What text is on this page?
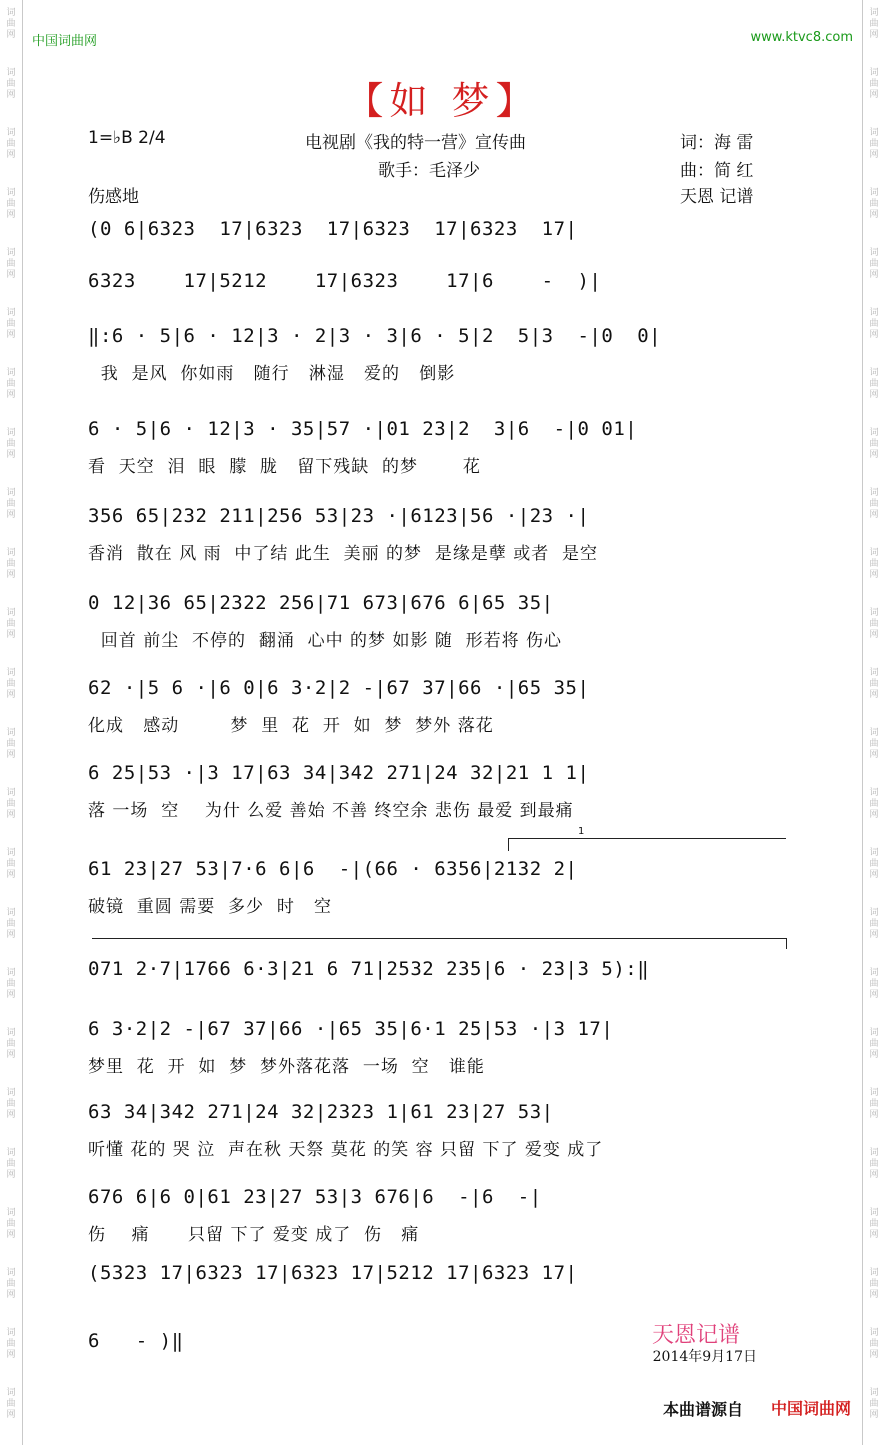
词
曲
网
词
曲
网
词
曲
网
词
曲
网
词
曲
网
词
曲
网
词
曲
网
词
曲
网
词
曲
网
词
曲
网
词
曲
网
词
曲
网
词
曲
网
词
曲
网
词
曲
网
词
曲
网
词
曲
网
词
曲
网
词
曲
网
词
曲
网
词
曲
网
词
曲
网
词
曲
网
词
曲
网
词
曲
网
词
曲
网
词
曲
网
词
曲
网
词
曲
网
词
曲
网
词
曲
网
词
曲
网
词
曲
网
词
曲
网
词
曲
网
词
曲
网
词
曲
网
词
曲
网
词
曲
网
词
曲
网
词
曲
网
词
曲
网
词
曲
网
词
曲
网
词
曲
网
词
曲
网
词
曲
网
词
曲
网
中国词曲网	www.ktvc8.com
【如 梦】
1=♭B 2/4	电视剧《我的特一营》宣传曲
歌手：毛泽少
词：海 雷
曲：简 红
伤感地	天恩 记谱
(0 6|6323  17|6323  17|6323  17|6323  17|
6323    17|5212    17|6323    17|6    -  )|
‖:6 · 5|6 · 12|3 · 2|3 · 3|6 · 5|2  5|3  -|0  0|
我  是风  你如雨   随行   淋湿   爱的   倒影
6 · 5|6 · 12|3 · 35|57 ·|01 23|2  3|6  -|0 01|
看  天空  泪  眼  朦  胧   留下残缺  的梦       花
356 65|232 211|256 53|23 ·|6123|56 ·|23 ·|
香消  散在 风 雨  中了结 此生  美丽 的梦  是缘是孽 或者  是空
0 12|36 65|2322 256|71 673|676 6|65 35|
回首 前尘  不停的  翻涌  心中 的梦 如影 随  形若将 伤心
62 ·|5 6 ·|6 0|6 3·2|2 -|67 37|66 ·|65 35|
化成   感动        梦  里  花  开  如  梦  梦外 落花
6 25|53 ·|3 17|63 34|342 271|24 32|21 1 1|
落 一场  空    为什 么爱 善始 不善 终空余 悲伤 最爱 到最痛
61 23|27 53|7·6 6|6  -|(66 · 6356|2132 2|
破镜  重圆 需要  多少  时   空
071 2·7|1766 6·3|21 6 71|2532 235|6 · 23|3 5):‖
6 3·2|2 -|67 37|66 ·|65 35|6·1 25|53 ·|3 17|
梦里  花  开  如  梦  梦外落花落  一场  空   谁能
63 34|342 271|24 32|2323 1|61 23|27 53|
听懂 花的 哭 泣  声在秋 天祭 莫花 的笑 容 只留 下了 爱变 成了
676 6|6 0|61 23|27 53|3 676|6  -|6  -|
伤    痛      只留 下了 爱变 成了  伤   痛
(5323 17|6323 17|6323 17|5212 17|6323 17|
6   - )‖
1
天恩记谱
2014年9月17日
本曲谱源自 中国词曲网
